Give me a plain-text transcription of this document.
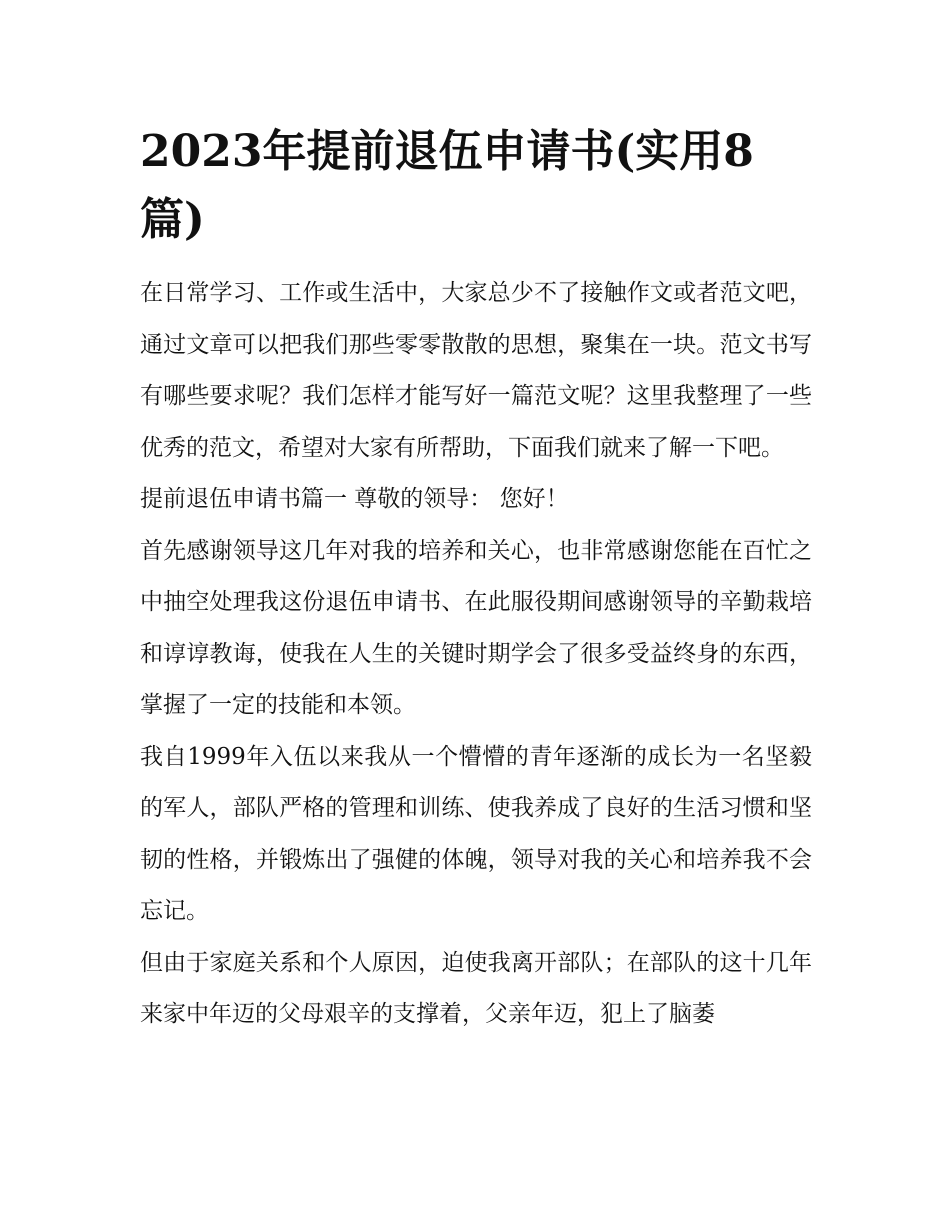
2023年提前退伍申请书(实用8篇)

在日常学习、工作或生活中，大家总少不了接触作文或者范文吧，通过文章可以把我们那些零零散散的思想，聚集在一块。范文书写有哪些要求呢？我们怎样才能写好一篇范文呢？这里我整理了一些优秀的范文，希望对大家有所帮助，下面我们就来了解一下吧。

提前退伍申请书篇一 尊敬的领导： 您好！

首先感谢领导这几年对我的培养和关心，也非常感谢您能在百忙之中抽空处理我这份退伍申请书、在此服役期间感谢领导的辛勤栽培和谆谆教诲，使我在人生的关键时期学会了很多受益终身的东西，掌握了一定的技能和本领。

我自1999年入伍以来我从一个懵懵的青年逐渐的成长为一名坚毅的军人，部队严格的管理和训练、使我养成了良好的生活习惯和坚韧的性格，并锻炼出了强健的体魄，领导对我的关心和培养我不会忘记。

但由于家庭关系和个人原因，迫使我离开部队；在部队的这十几年来家中年迈的父母艰辛的支撑着，父亲年迈，犯上了脑萎
